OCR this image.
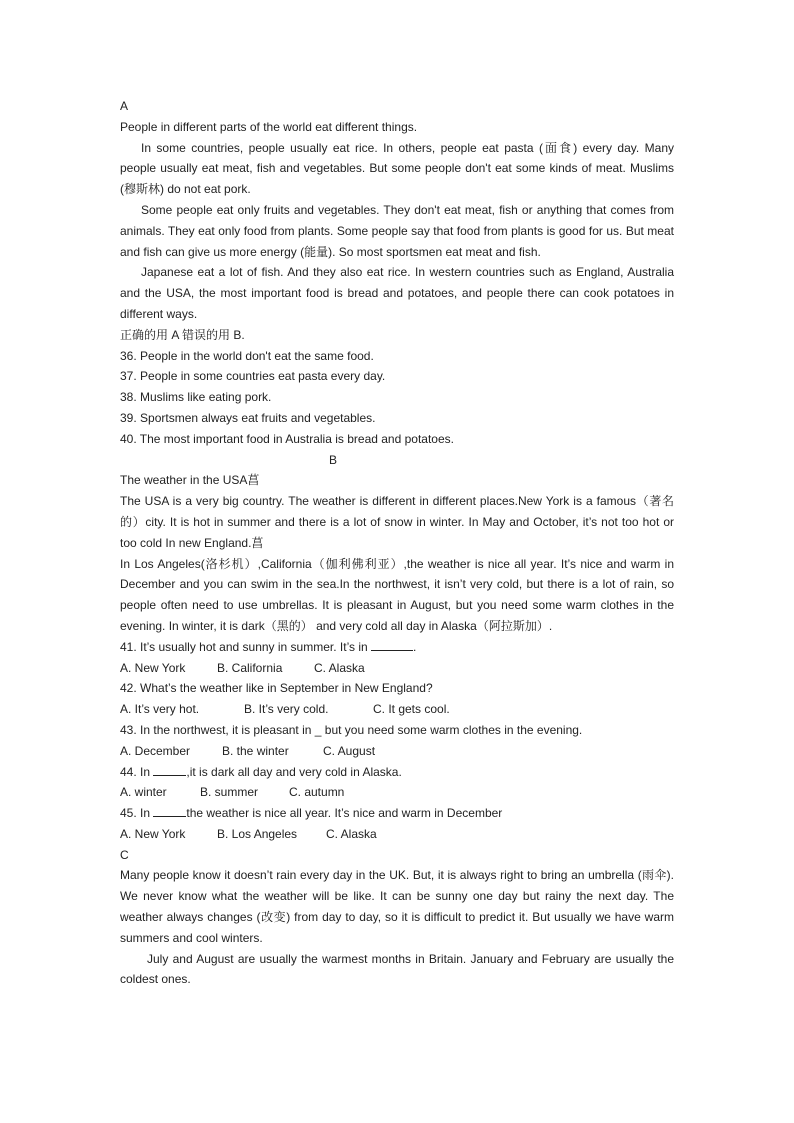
A
People in different parts of the world eat different things.
In some countries, people usually eat rice. In others, people eat pasta (面食) every day. Many people usually eat meat, fish and vegetables. But some people don't eat some kinds of meat. Muslims (穆斯林) do not eat pork.
Some people eat only fruits and vegetables. They don't eat meat, fish or anything that comes from animals. They eat only food from plants. Some people say that food from plants is good for us. But meat and fish can give us more energy (能量). So most sportsmen eat meat and fish.
Japanese eat a lot of fish. And they also eat rice. In western countries such as England, Australia and the USA, the most important food is bread and potatoes, and people there can cook potatoes in different ways.
正确的用 A 错误的用 B.
36. People in the world don't eat the same food.
37. People in some countries eat pasta every day.
38. Muslims like eating pork.
39. Sportsmen always eat fruits and vegetables.
40. The most important food in Australia is bread and potatoes.
B
The weather in the USA菖
The USA is a very big country. The weather is different in different places.New York is a famous（著名的）city. It is hot in summer and there is a lot of snow in winter. In May and October, it’s not too hot or too cold In new England.菖
In Los Angeles(洛杉机）,California（伽利佛利亚）,the weather is nice all year. It’s nice and warm in December and you can swim in the sea.In the northwest, it isn’t very cold, but there is a lot of rain, so people often need to use umbrellas. It is pleasant in August, but you need some warm clothes in the evening. In winter, it is dark（黑的） and very cold all day in Alaska（阿拉斯加）.
41. It’s usually hot and sunny in summer. It’s in	.
A. New York	B. California	C. Alaska
42. What’s the weather like in September in New England?
A. It’s very hot.	B. It’s very cold.	C. It gets cool.
43. In the northwest, it is pleasant in _ but you need some warm clothes in the evening.
A. December	B. the winter	C. August
44. In	,it is dark all day and very cold in Alaska.
A. winter	B. summer	C. autumn
45. In	the weather is nice all year. It’s nice and warm in December
A. New York	B. Los Angeles C. Alaska
C
Many people know it doesn’t rain every day in the UK. But, it is always right to bring an umbrella (雨伞). We never know what the weather will be like. It can be sunny one day but rainy the next day. The weather always changes (改变) from day to day, so it is difficult to predict it. But usually we have warm summers and cool winters.
July and August are usually the warmest months in Britain. January and February are usually the coldest ones.
